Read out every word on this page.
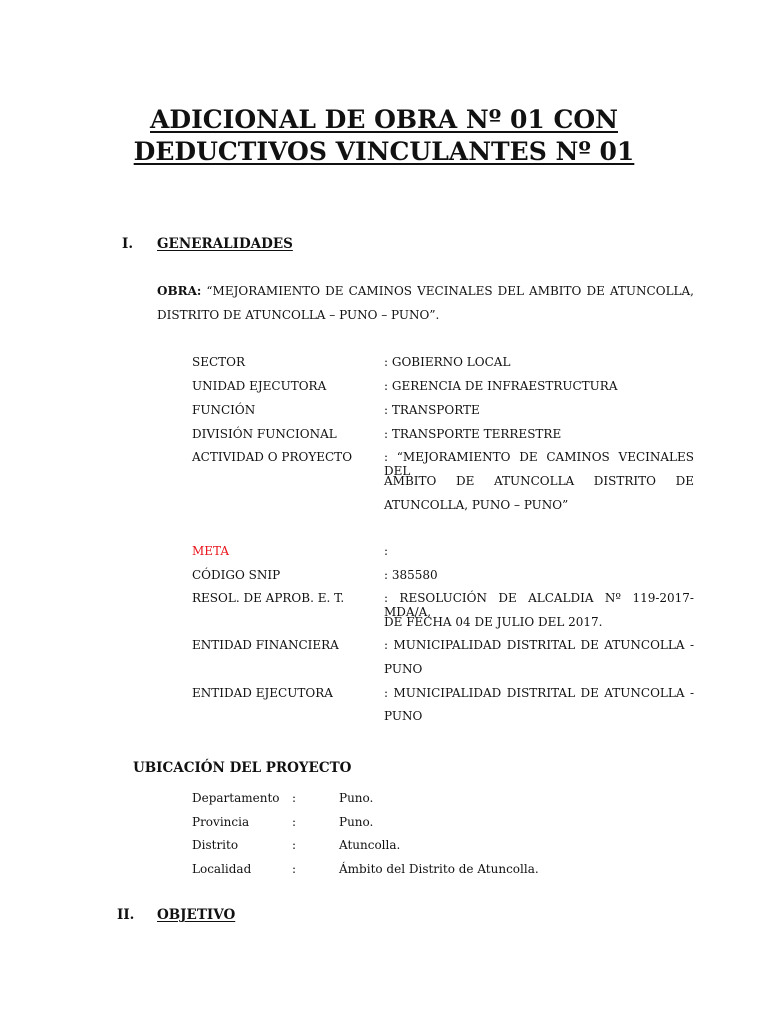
ADICIONAL DE OBRA Nº 01 CON
DEDUCTIVOS VINCULANTES Nº 01
I. GENERALIDADES
OBRA: “MEJORAMIENTO DE CAMINOS VECINALES DEL AMBITO DE ATUNCOLLA,
DISTRITO DE ATUNCOLLA – PUNO – PUNO”.
SECTOR	: GOBIERNO LOCAL
UNIDAD EJECUTORA	: GERENCIA DE INFRAESTRUCTURA
FUNCIÓN	: TRANSPORTE
DIVISIÓN FUNCIONAL	: TRANSPORTE TERRESTRE
ACTIVIDAD O PROYECTO	: “MEJORAMIENTO DE CAMINOS VECINALES DEL
AMBITO DE ATUNCOLLA DISTRITO DE
ATUNCOLLA, PUNO – PUNO”
META	:
CÓDIGO SNIP	: 385580
RESOL. DE APROB. E. T.	: RESOLUCIÓN DE ALCALDIA Nº 119-2017-MDA/A,
DE FECHA 04 DE JULIO DEL 2017.
ENTIDAD FINANCIERA	: MUNICIPALIDAD DISTRITAL DE ATUNCOLLA -
PUNO
ENTIDAD EJECUTORA	: MUNICIPALIDAD DISTRITAL DE ATUNCOLLA -
PUNO
UBICACIÓN DEL PROYECTO
Departamento :	Puno.
Provincia	:	Puno.
Distrito	:	Atuncolla.
Localidad	:	Ámbito del Distrito de Atuncolla.
II. OBJETIVO
